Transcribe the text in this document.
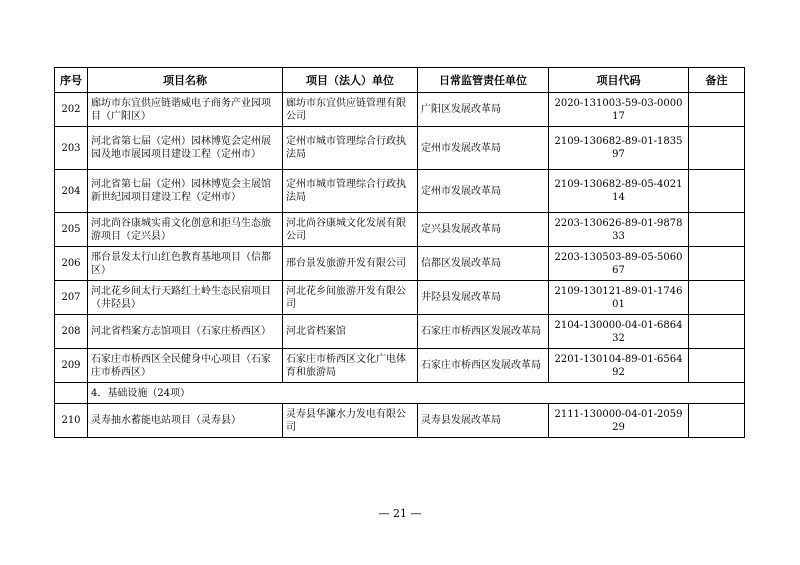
序号	项目名称	项目（法人）单位	日常监管责任单位	项目代码	备注
202	廊坊市东宜供应链谐威电子商务产业园项目（广阳区）	廊坊市东宜供应链管理有限公司	广阳区发展改革局	2020-131003-59-03-000017	
203	河北省第七届（定州）园林博览会定州展园及地市展园项目建设工程（定州市）	定州市城市管理综合行政执法局	定州市发展改革局	2109-130682-89-01-183597	
204	河北省第七届（定州）园林博览会主展馆新世纪园项目建设工程（定州市）	定州市城市管理综合行政执法局	定州市发展改革局	2109-130682-89-05-402114	
205	河北尚谷康城实甫文化创意和拒马生态旅游项目（定兴县）	河北尚谷康城文化发展有限公司	定兴县发展改革局	2203-130626-89-01-987833	
206	邢台景发太行山红色教育基地项目（信都区）	邢台景发旅游开发有限公司	信都区发展改革局	2203-130503-89-05-506067	
207	河北花乡间太行天路红土岭生态民宿项目（井陉县）	河北花乡间旅游开发有限公司	井陉县发展改革局	2109-130121-89-01-174601	
208	河北省档案方志馆项目（石家庄桥西区）	河北省档案馆	石家庄市桥西区发展改革局	2104-130000-04-01-686432	
209	石家庄市桥西区全民健身中心项目（石家庄市桥西区）	石家庄市桥西区文化广电体育和旅游局	石家庄市桥西区发展改革局	2201-130104-89-01-656492	
	4．基础设施（24项）				
210	灵寿抽水蓄能电站项目（灵寿县）	灵寿县华濂水力发电有限公司	灵寿县发展改革局	2111-130000-04-01-205929	
— 21 —
